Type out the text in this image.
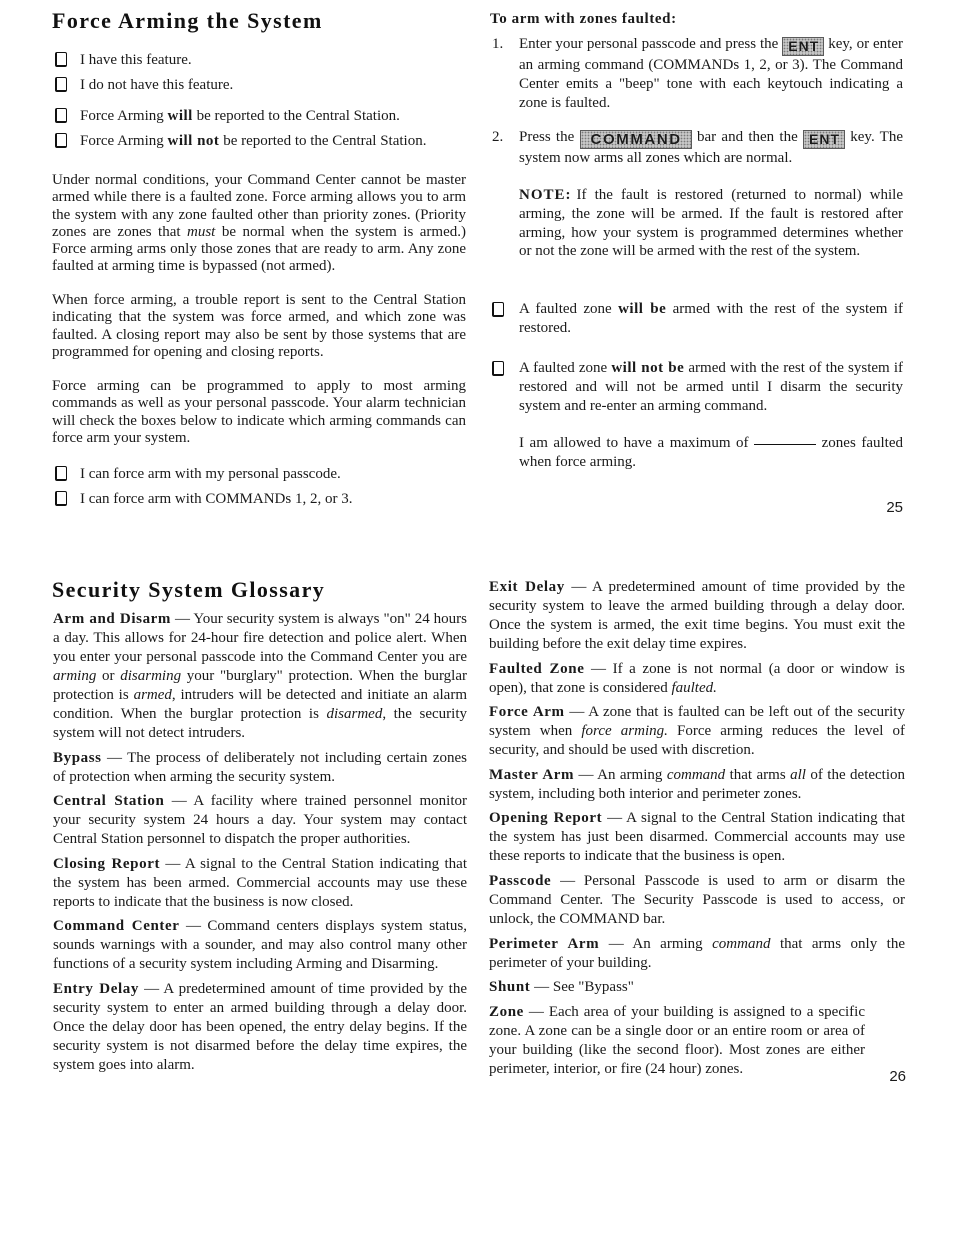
Force Arming the System
I have this feature.
I do not have this feature.
Force Arming will be reported to the Central Station.
Force Arming will not be reported to the Central Station.

Under normal conditions, your Command Center cannot be master armed while there is a faulted zone. Force arming allows you to arm the system with any zone faulted other than priority zones. (Priority zones are zones that must be normal when the system is armed.) Force arming arms only those zones that are ready to arm. Any zone faulted at arming time is bypassed (not armed).

When force arming, a trouble report is sent to the Central Station indicating that the system was force armed, and which zone was faulted. A closing report may also be sent by those systems that are programmed for opening and closing reports.

Force arming can be programmed to apply to most arming commands as well as your personal passcode. Your alarm technician will check the boxes below to indicate which arming commands can force arm your system.

I can force arm with my personal passcode.
I can force arm with COMMANDs 1, 2, or 3.
To arm with zones faulted:
1. Enter your personal passcode and press the ENT key, or enter an arming command (COMMANDs 1, 2, or 3). The Command Center emits a "beep" tone with each keytouch indicating a zone is faulted.
2. Press the COMMAND bar and then the ENT key. The system now arms all zones which are normal.

NOTE: If the fault is restored (returned to normal) while arming, the zone will be armed. If the fault is restored after arming, how your system is programmed determines whether or not the zone will be armed with the rest of the system.

A faulted zone will be armed with the rest of the system if restored.
A faulted zone will not be armed with the rest of the system if restored and will not be armed until I disarm the security system and re-enter an arming command.

I am allowed to have a maximum of	zones faulted when force arming.

25
Security System Glossary

Arm and Disarm — Your security system is always "on" 24 hours a day. This allows for 24-hour fire detection and police alert. When you enter your personal passcode into the Command Center you are arming or disarming your "burglary" protection. When the burglar protection is armed, intruders will be detected and initiate an alarm condition. When the burglar protection is disarmed, the security system will not detect intruders.

Bypass — The process of deliberately not including certain zones of protection when arming the security system.

Central Station — A facility where trained personnel monitor your security system 24 hours a day. Your system may contact Central Station personnel to dispatch the proper authorities.

Closing Report — A signal to the Central Station indicating that the system has been armed. Commercial accounts may use these reports to indicate that the business is now closed.

Command Center — Command centers displays system status, sounds warnings with a sounder, and may also control many other functions of a security system including Arming and Disarming.

Entry Delay — A predetermined amount of time provided by the security system to enter an armed building through a delay door. Once the delay door has been opened, the entry delay begins. If the security system is not disarmed before the delay time expires, the system goes into alarm.

Exit Delay — A predetermined amount of time provided by the security system to leave the armed building through a delay door. Once the system is armed, the exit time begins. You must exit the building before the exit delay time expires.

Faulted Zone — If a zone is not normal (a door or window is open), that zone is considered faulted.

Force Arm — A zone that is faulted can be left out of the security system when force arming. Force arming reduces the level of security, and should be used with discretion.

Master Arm — An arming command that arms all of the detection system, including both interior and perimeter zones.

Opening Report — A signal to the Central Station indicating that the system has just been disarmed. Commercial accounts may use these reports to indicate that the business is open.

Passcode — Personal Passcode is used to arm or disarm the Command Center. The Security Passcode is used to access, or unlock, the COMMAND bar.

Perimeter Arm — An arming command that arms only the perimeter of your building.

Shunt — See "Bypass"

Zone — Each area of your building is assigned to a specific zone. A zone can be a single door or an entire room or area of your building (like the second floor). Most zones are either perimeter, interior, or fire (24 hour) zones.	26
